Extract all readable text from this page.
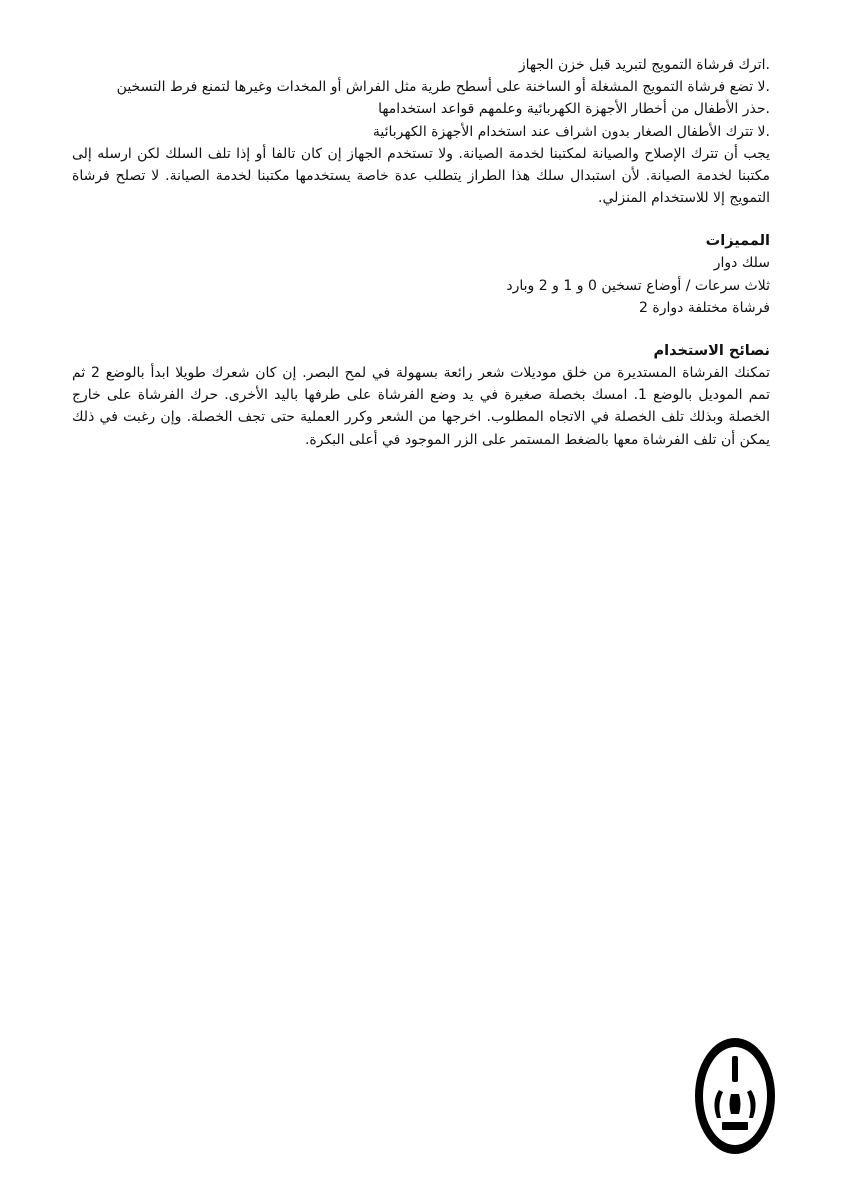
.اترك فرشاة التمويج لتبريد قبل خزن الجهاز

.لا تضع فرشاة التمويج المشغلة أو الساخنة على أسطح طرية مثل الفراش أو المخدات وغيرها لتمنع فرط التسخين

.حذر الأطفال من أخطار الأجهزة الكهربائية وعلمهم قواعد استخدامها

.لا تترك الأطفال الصغار بدون اشراف عند استخدام الأجهزة الكهربائية

يجب أن تترك الإصلاح والصيانة لمكتبنا لخدمة الصيانة. ولا تستخدم الجهاز إن كان تالفا أو إذا تلف السلك لكن ارسله إلى مكتبنا لخدمة الصيانة. لأن استبدال سلك هذا الطراز يتطلب عدة خاصة يستخدمها مكتبنا لخدمة الصيانة. لا تصلح فرشاة التمويج إلا للاستخدام المنزلي.

المميزات

سلك دوار

ثلاث سرعات / أوضاع تسخين 0 و 1 و 2 وبارد

فرشاة مختلفة دوارة 2

نصائح الاستخدام

تمكنك الفرشاة المستديرة من خلق موديلات شعر رائعة بسهولة في لمح البصر. إن كان شعرك طويلا ابدأ بالوضع 2 ثم تمم الموديل بالوضع 1. امسك بخصلة صغيرة في يد وضع الفرشاة على طرفها باليد الأخرى. حرك الفرشاة على خارج الخصلة وبذلك تلف الخصلة في الاتجاه المطلوب. اخرجها من الشعر وكرر العملية حتى تجف الخصلة. وإن رغبت في ذلك يمكن أن تلف الفرشاة معها بالضغط المستمر على الزر الموجود في أعلى البكرة.
